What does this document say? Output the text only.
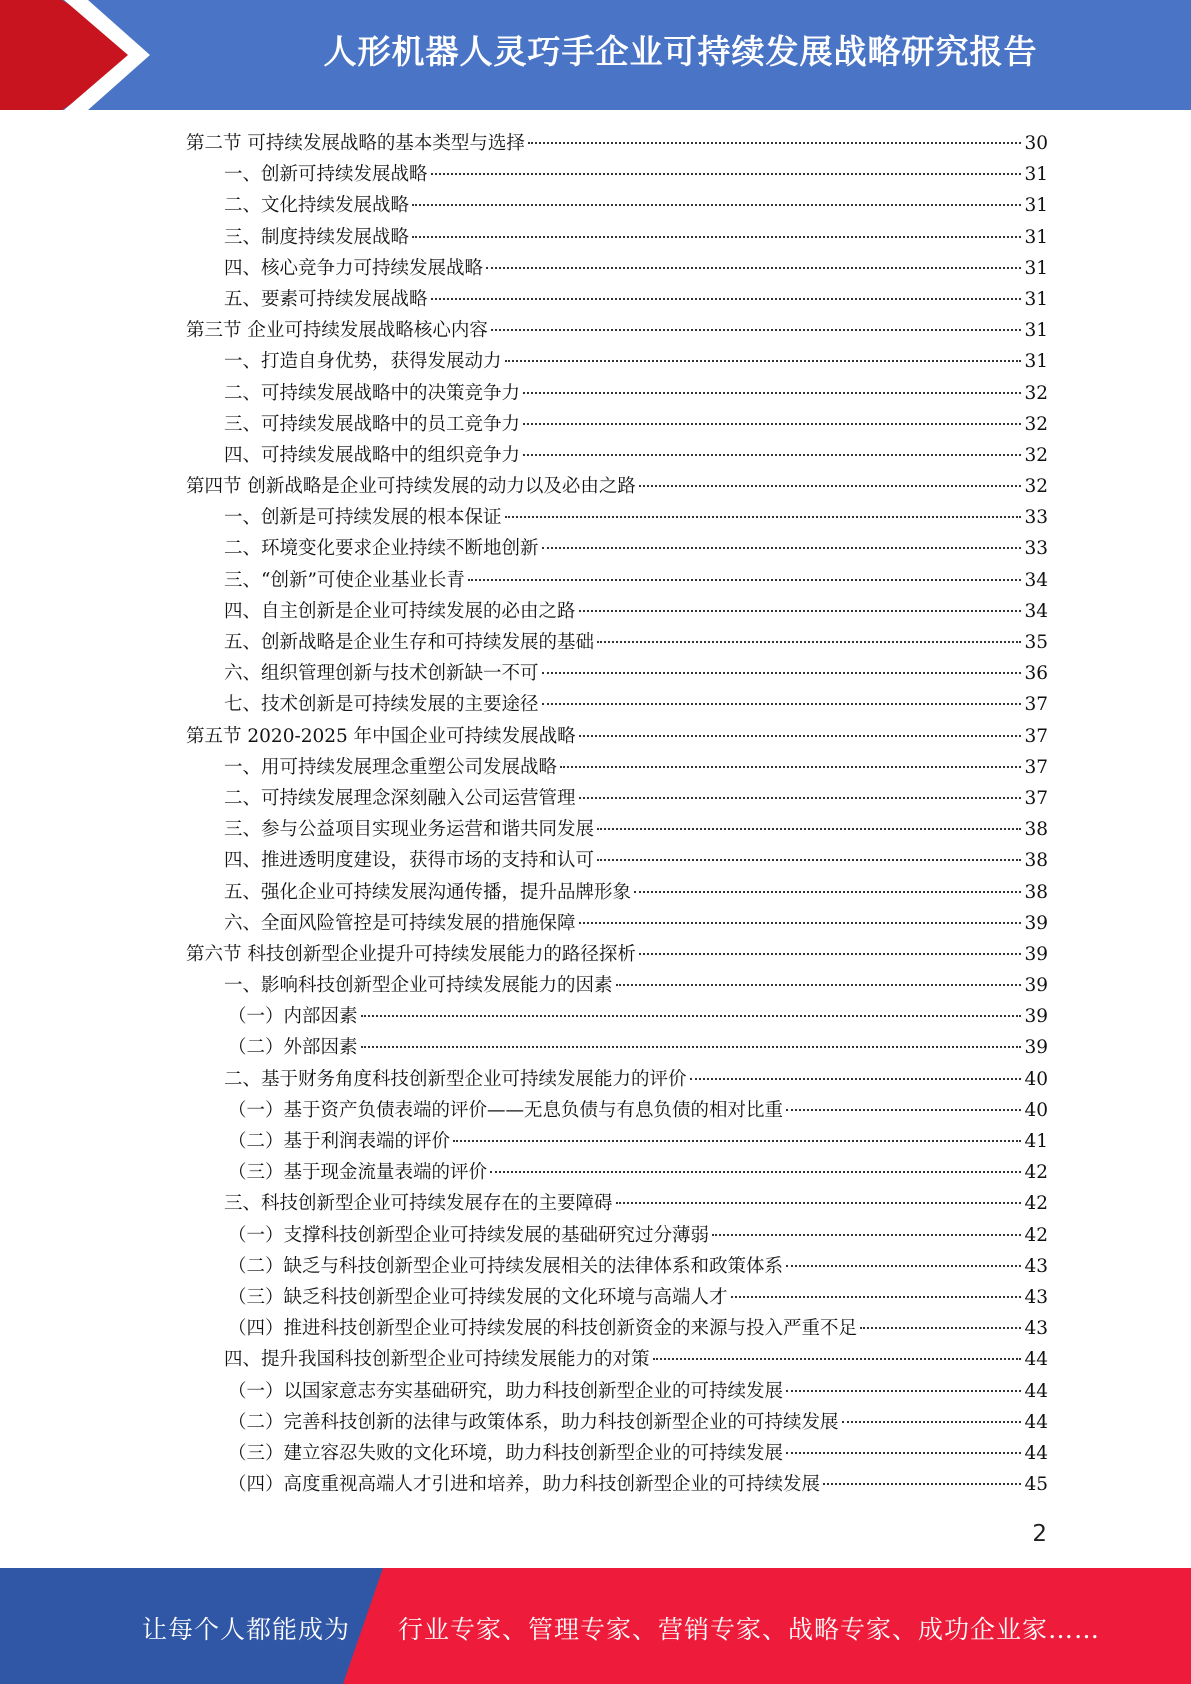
人形机器人灵巧手企业可持续发展战略研究报告
第二节 可持续发展战略的基本类型与选择	30
一、创新可持续发展战略	31
二、文化持续发展战略	31
三、制度持续发展战略	31
四、核心竞争力可持续发展战略	31
五、要素可持续发展战略	31
第三节 企业可持续发展战略核心内容	31
一、打造自身优势，获得发展动力	31
二、可持续发展战略中的决策竞争力	32
三、可持续发展战略中的员工竞争力	32
四、可持续发展战略中的组织竞争力	32
第四节 创新战略是企业可持续发展的动力以及必由之路	32
一、创新是可持续发展的根本保证	33
二、环境变化要求企业持续不断地创新	33
三、“创新”可使企业基业长青	34
四、自主创新是企业可持续发展的必由之路	34
五、创新战略是企业生存和可持续发展的基础	35
六、组织管理创新与技术创新缺一不可	36
七、技术创新是可持续发展的主要途径	37
第五节 2020-2025 年中国企业可持续发展战略	37
一、用可持续发展理念重塑公司发展战略	37
二、可持续发展理念深刻融入公司运营管理	37
三、参与公益项目实现业务运营和谐共同发展	38
四、推进透明度建设，获得市场的支持和认可	38
五、强化企业可持续发展沟通传播，提升品牌形象	38
六、全面风险管控是可持续发展的措施保障	39
第六节 科技创新型企业提升可持续发展能力的路径探析	39
一、影响科技创新型企业可持续发展能力的因素	39
（一）内部因素	39
（二）外部因素	39
二、基于财务角度科技创新型企业可持续发展能力的评价	40
（一）基于资产负债表端的评价——无息负债与有息负债的相对比重	40
（二）基于利润表端的评价	41
（三）基于现金流量表端的评价	42
三、科技创新型企业可持续发展存在的主要障碍	42
（一）支撑科技创新型企业可持续发展的基础研究过分薄弱	42
（二）缺乏与科技创新型企业可持续发展相关的法律体系和政策体系	43
（三）缺乏科技创新型企业可持续发展的文化环境与高端人才	43
（四）推进科技创新型企业可持续发展的科技创新资金的来源与投入严重不足	43
四、提升我国科技创新型企业可持续发展能力的对策	44
（一）以国家意志夯实基础研究，助力科技创新型企业的可持续发展	44
（二）完善科技创新的法律与政策体系，助力科技创新型企业的可持续发展	44
（三）建立容忍失败的文化环境，助力科技创新型企业的可持续发展	44
（四）高度重视高端人才引进和培养，助力科技创新型企业的可持续发展	45
2
让每个人都能成为 行业专家、管理专家、营销专家、战略专家、成功企业家……
